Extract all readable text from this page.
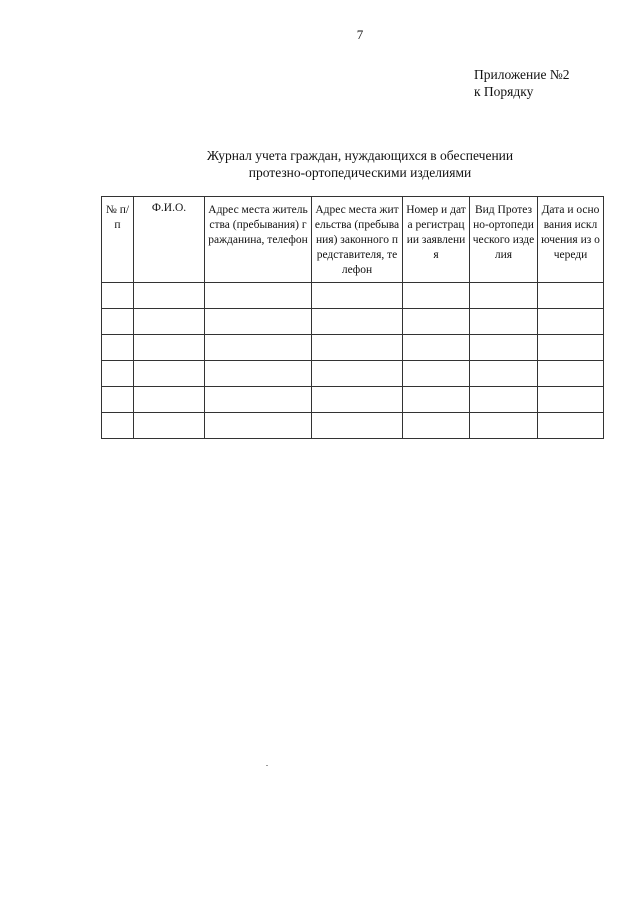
7
Приложение №2
к Порядку
Журнал учета граждан, нуждающихся в обеспечении
протезно-ортопедическими изделиями
№ п/п	Ф.И.О.	Адрес места жительства (пребывания) гражданина, телефон	Адрес места жительства (пребывания) законного представителя, телефон	Номер и дата регистрации заявления	Вид Протезно-ортопедического изделия	Дата и основания исключения из очереди
